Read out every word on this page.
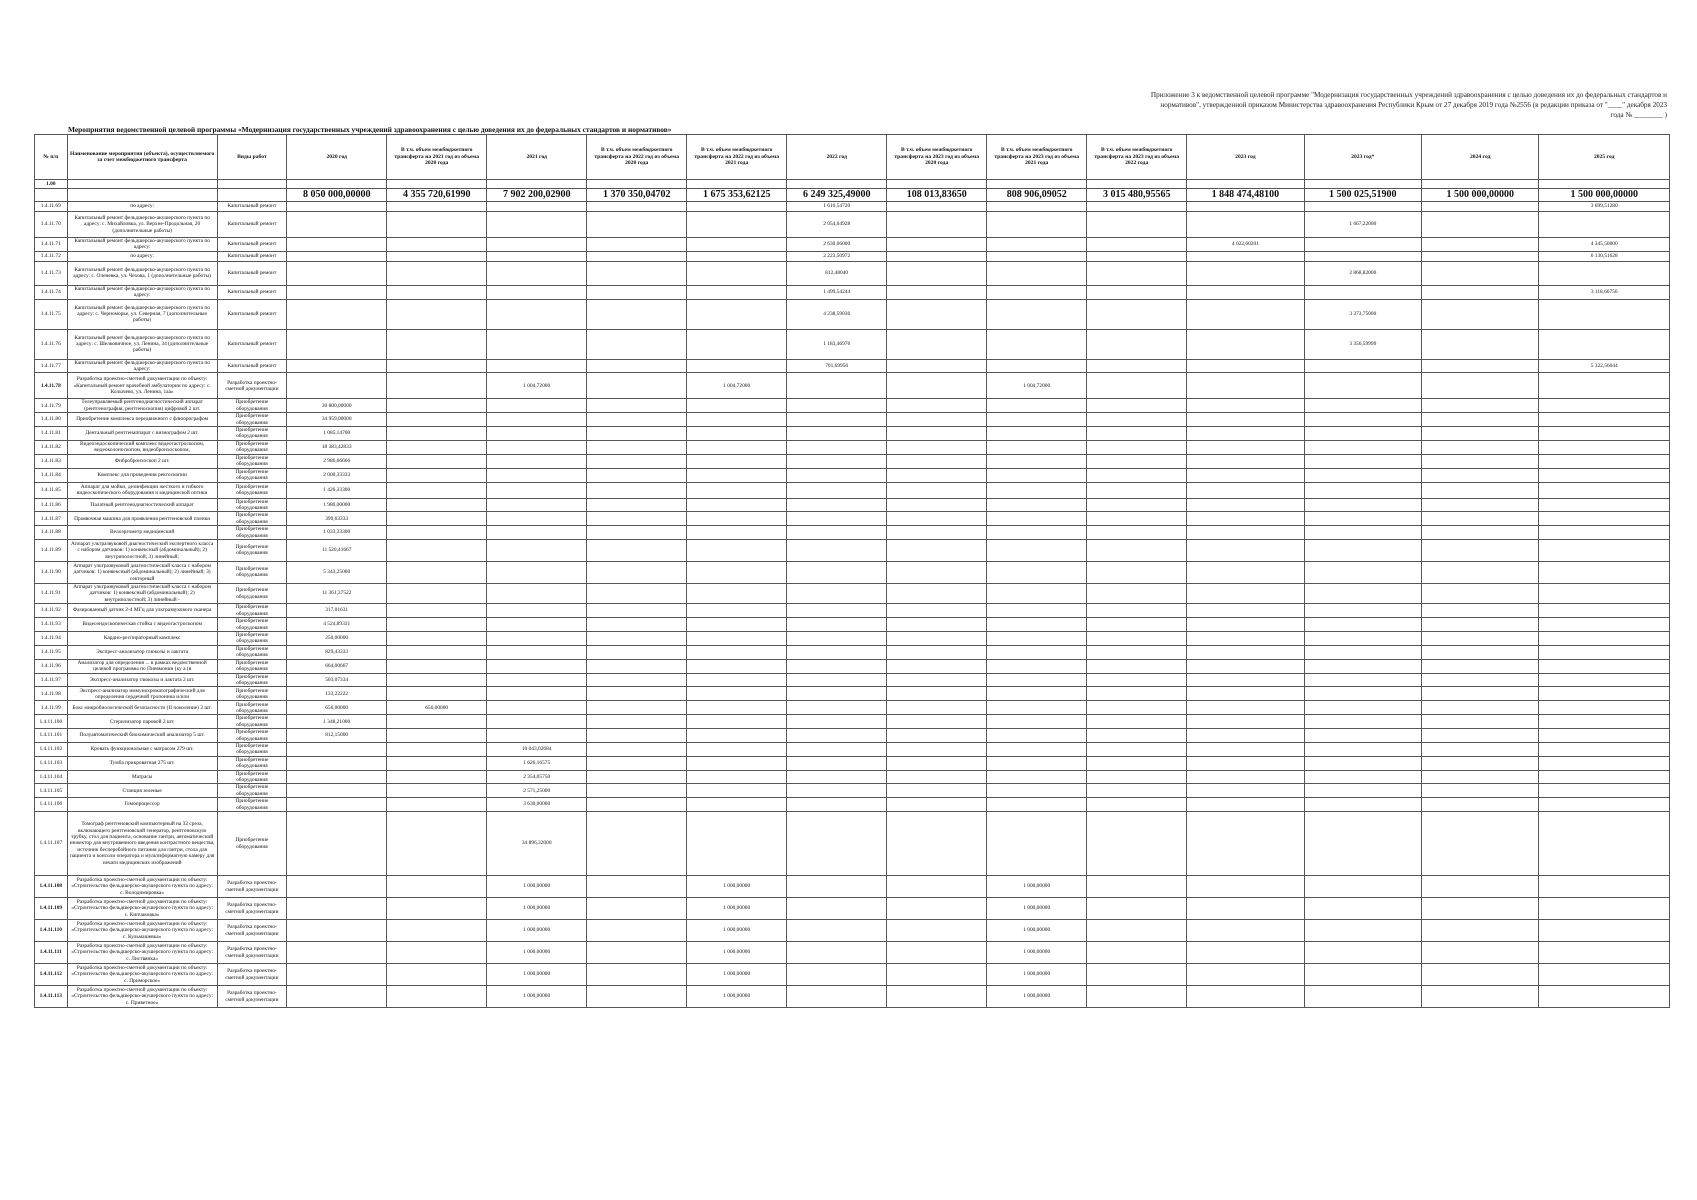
Приложение 3 к ведомственной целевой программе "Модернизация государственных учреждений здравоохранения с целью доведения их до федеральных стандартов и нормативов", утвержденной приказом Министерства здравоохранения Республики Крым от 27 декабря 2019 года №2556 (в редакции приказа от "____" декабря 2023 года № ________ )
Мероприятия ведомственной целевой программы «Модернизация государственных учреждений здравоохранения с целью доведения их до федеральных стандартов и нормативов»
№ п/п	Наименование мероприятия (объекта), осуществляемого за счет межбюджетного трансферта	Виды работ	2020 год	В т.ч. объем межбюджетного трансферта на 2021 год из объема 2020 года	2021 год	В т.ч. объем межбюджетного трансферта на 2022 год из объема 2020 года	В т.ч. объем межбюджетного трансферта на 2022 год из объема 2021 года	2022 год	В т.ч. объем межбюджетного трансферта на 2023 год из объема 2020 года	В т.ч. объем межбюджетного трансферта на 2023 год из объема 2021 года	В т.ч. объем межбюджетного трансферта на 2023 год из объема 2022 года	2023 год	2023 год*	2024 год	2025 год
1.00															
			8 050 000,00000	4 355 720,61990	7 902 200,02900	1 370 350,04702	1 675 353,62125	6 249 325,49000	108 013,83650	808 906,09052	3 015 480,95565	1 848 474,48100	1 500 025,51900	1 500 000,00000	1 500 000,00000
1.4.11.69	по адресу:	Капитальный ремонт						1 610,54720							3 699,51280
1.4.11.70	Капитальный ремонт фельдшерско-акушерского пункта по адресу: с. Михайловка, ул. Верхне-Продольная, 20 (дополнительные работы)	Капитальный ремонт						2 054,64928					1 667,22000		
1.4.11.71	Капитальный ремонт фельдшерско-акушерского пункта по адресу:	Капитальный ремонт						2 630,06000				4 022,60201			4 345,50000
1.4.11.72	по адресу:	Капитальный ремонт						2 223,50972							6 130,51628
1.4.11.73	Капитальный ремонт фельдшерско-акушерского пункта по адресу: с. Оленевка, ул. Чехова, 1 (дополнительные работы)	Капитальный ремонт						812,48040					2 868,82000		
1.4.11.74	Капитальный ремонт фельдшерско-акушерского пункта по адресу:	Капитальный ремонт						1 499,54244							3 118,66756
1.4.11.75	Капитальный ремонт фельдшерско-акушерского пункта по адресу: с. Черноморье, ул. Северная, 7 (дополнительные работы)	Капитальный ремонт						4 238,59036					3 373,75000		
1.4.11.76	Капитальный ремонт фельдшерско-акушерского пункта по адресу: с. Шелковичное, ул. Ленина, 34 (дополнительные работы)	Капитальный ремонт						1 183,46976					3 356,59999		
1.4.11.77	Капитальный ремонт фельдшерско-акушерского пункта по адресу:	Капитальный ремонт						701,69956							5 322,56044
1.4.11.78	Разработка проектно-сметной документации по объекту: «Капитальный ремонт врачебной амбулатории по адресу: с. Колычево, ул. Ленина, 1аа»	Разработка проектно-сметной документации			1 004,72000		1 004,72000			1 004,72000					
1.4.11.79	Телеуправляемый рентгенодиагностический аппарат (рентгенография, рентгеноскопия) цифровой 2 шт.	Приобретение оборудования	30 800,00000												
1.4.11.80	Приобретение комплекса передвижного с флюорографом	Приобретение оборудования	34 959,00000												
1.4.11.81	Дентальный рентгенаппарат с визиографом 2 шт.	Приобретение оборудования	1 085,14700												
1.4.11.82	Видеоэндоскопический комплекс видеогастроскопом, видеоколоноскопом, видеобронхоскопом,	Приобретение оборудования	18 383,42833												
1.4.11.83	Фибробронхоскоп 2 шт.	Приобретение оборудования	2 986,66666												
1.4.11.84	Комплекс для проведения ректоскопии	Приобретение оборудования	2 000,33333												
1.4.11.85	Аппарат для мойки, дезинфекции жесткого и гибкого видеоскопического оборудования и медицинской оптики	Приобретение оборудования	1 426,33300												
1.4.11.86	Палатный рентгенодиагностический аппарат	Приобретение оборудования	1 980,00000												
1.4.11.87	Проявочная машина для проявления рентгеновской пленки	Приобретение оборудования	399,63333												
1.4.11.88	Велоэргометр медицинский	Приобретение оборудования	1 033,33300												
1.4.11.89	Аппарат ультразвуковой диагностический экспертного класса с набором датчиков: 1) конвексный (абдоминальный); 2) внутриполостной; 3) линейный;	Приобретение оборудования	11 520,41667												
1.4.11.90	Аппарат ультразвуковой диагностический класса с набором датчиков: 1) конвексный (абдоминальный); 2) линейный; 3) секторный	Приобретение оборудования	5 343,25000												
1.4.11.91	Аппарат ультразвуковой диагностический класса с набором датчиков: 1) конвексный (абдоминальный); 2) внутриполостной; 3) линейный -	Приобретение оборудования	11 361,37522												
1.4.11.92	Фазированный датчик 2-4 МГц для ультразвукового сканера	Приобретение оборудования	317,01631												
1.4.11.93	Видеоэндоскопическая стойка с видеогастроскопом	Приобретение оборудования	4 524,89331												
1.4.11.94	Кардио-респираторный комплекс	Приобретение оборудования	250,00000												
1.4.11.95	Экспресс-анализатор глюкозы и лактата	Приобретение оборудования	829,43333												
1.4.11.96	Анализатор для определения ... в рамках ведомственной целевой программы по Пневмонии (ку а (в	Приобретение оборудования	664,00667												
1.4.11.97	Экспресс-анализатор глюкозы и лактата 2 шт.	Приобретение оборудования	503,07334												
1.4.11.98	Экспресс-анализатор иммунохроматографический для определения сердечной тропонина и/или	Приобретение оборудования	133,22222												
1.4.11.99	Бокс микробиологической безопасности (II поколение) 2 шт.	Приобретение оборудования	656,00000	656,00000											
1.4.11.100	Стерилизатор паровой 2 шт.	Приобретение оборудования	1 348,21000												
1.4.11.101	Полуавтоматический биохимический анализатор 5 шт.	Приобретение оборудования	812,15000												
1.4.11.102	Кровать функциональная с матрасом 279 шт.	Приобретение оборудования			10 043,02684										
1.4.11.103	Тумба прикроватная 275 шт.	Приобретение оборудования			1 626,16575										
1.4.11.104	Матрасы	Приобретение оборудования			2 354,05750										
1.4.11.105	Станция зеленые	Приобретение оборудования			2 571,25000										
1.4.11.106	Гемопроцессор	Приобретение оборудования			3 630,00000										
1.4.11.107	Томограф рентгеновский компьютерный на 32 среза, включающего рентгеновский генератор, рентгеновскую трубку, стол для пациента, основание гантри, автоматический инжектор для внутривенного введения контрастного вещества, источник бесперебойного питания для гантри, стола для пациента и консоли оператора и мультиформатную камеру для печати медицинских изображений	Приобретение оборудования			34 896,32000										
1.4.11.108	Разработка проектно-сметной документации по объекту: «Строительство фельдшерско-акушерского пункта по адресу: с. Володимировка»	Разработка проектно-сметной документации			1 000,00000		1 000,00000			1 000,00000					
1.4.11.109	Разработка проектно-сметной документации по объекту: «Строительство фельдшерско-акушерского пункта по адресу: с. Кипчаковка»	Разработка проектно-сметной документации			1 000,00000		1 000,00000			1 000,00000					
1.4.11.110	Разработка проектно-сметной документации по объекту: «Строительство фельдшерско-акушерского пункта по адресу: с. Кульмашевка»	Разработка проектно-сметной документации			1 000,00000		1 000,00000			1 000,00000					
1.4.11.111	Разработка проектно-сметной документации по объекту: «Строительство фельдшерско-акушерского пункта по адресу: с. Листвянка»	Разработка проектно-сметной документации			1 000,00000		1 000,00000			1 000,00000					
1.4.11.112	Разработка проектно-сметной документации по объекту: «Строительство фельдшерско-акушерского пункта по адресу: с. Приморское»	Разработка проектно-сметной документации			1 000,00000		1 000,00000			1 000,00000					
1.4.11.113	Разработка проектно-сметной документации по объекту: «Строительство фельдшерско-акушерского пункта по адресу: с. Приветное»	Разработка проектно-сметной документации			1 000,00000		1 000,00000			1 000,00000					
